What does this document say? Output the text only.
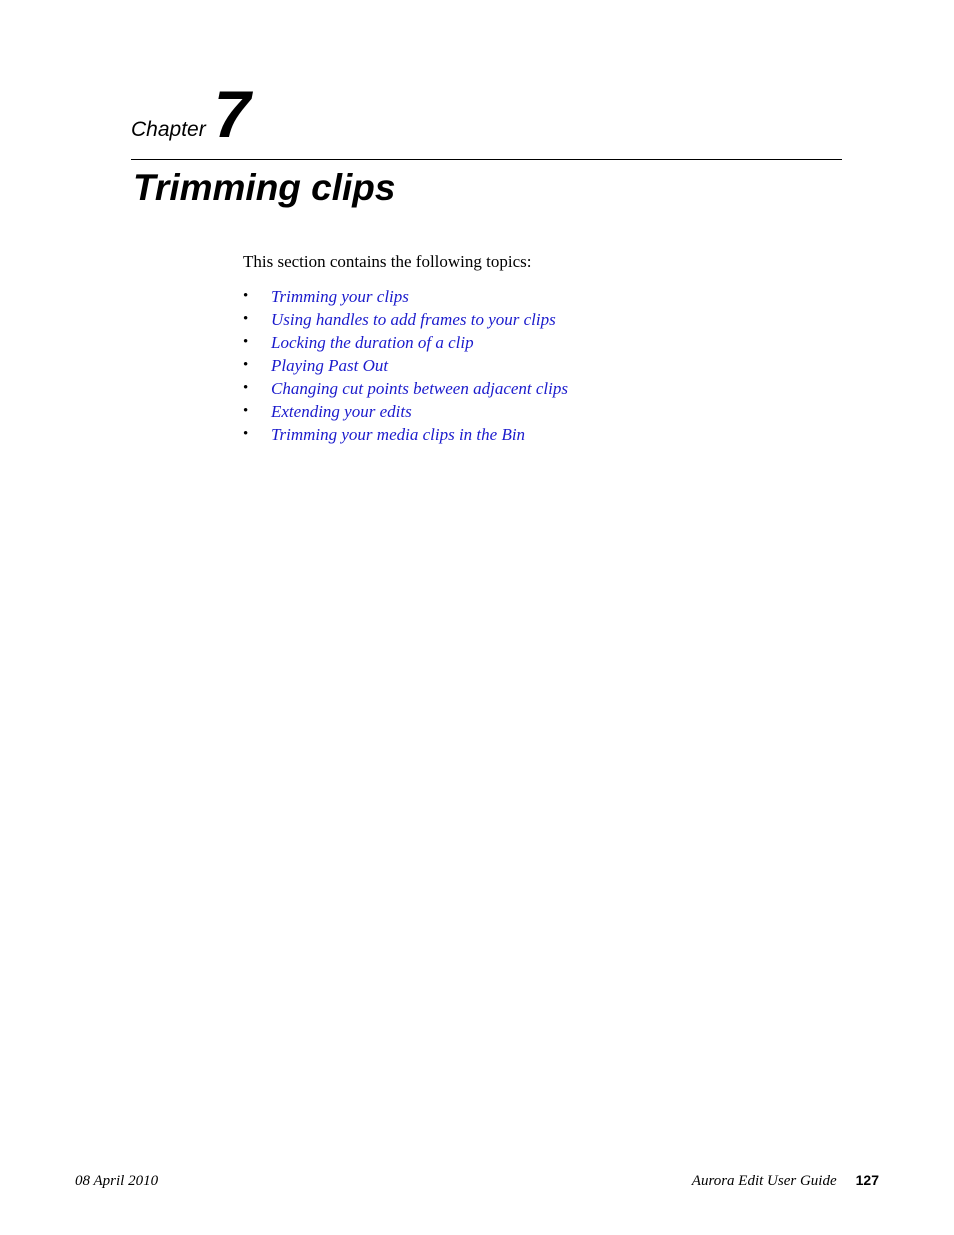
Chapter 7
Trimming clips

This section contains the following topics:

•	Trimming your clips
•	Using handles to add frames to your clips
•	Locking the duration of a clip
•	Playing Past Out
•	Changing cut points between adjacent clips
•	Extending your edits
•	Trimming your media clips in the Bin
08 April 2010	Aurora Edit User Guide 127
